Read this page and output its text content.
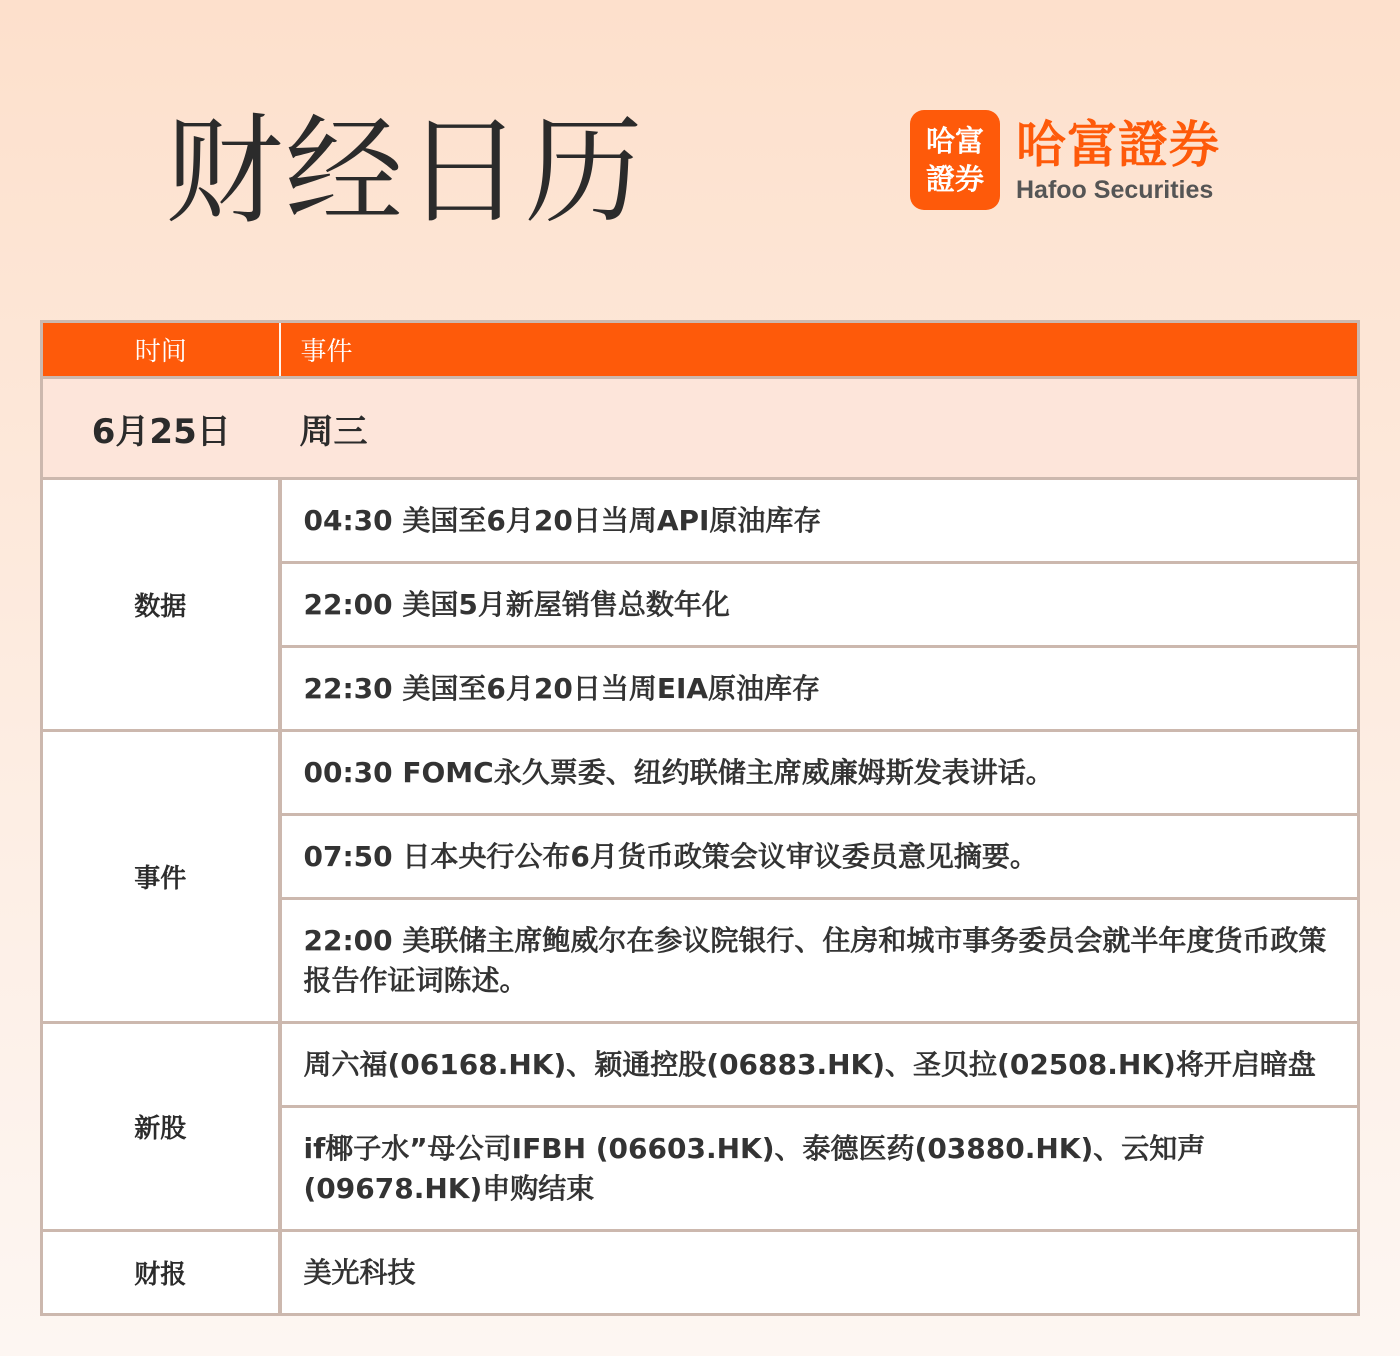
财经日历	哈富
證券
哈富證券
Hafoo Securities
时间	事件
6月25日	周三
数据	04:30 美国至6月20日当周API原油库存
	22:00 美国5月新屋销售总数年化
	22:30 美国至6月20日当周EIA原油库存
事件	00:30 FOMC永久票委、纽约联储主席威廉姆斯发表讲话。
	07:50 日本央行公布6月货币政策会议审议委员意见摘要。
	22:00 美联储主席鲍威尔在参议院银行、住房和城市事务委员会就半年度货币政策报告作证词陈述。
新股	周六福(06168.HK)、颖通控股(06883.HK)、圣贝拉(02508.HK)将开启暗盘
	if椰子水”母公司IFBH (06603.HK)、泰德医药(03880.HK)、云知声(09678.HK)申购结束
财报	美光科技
